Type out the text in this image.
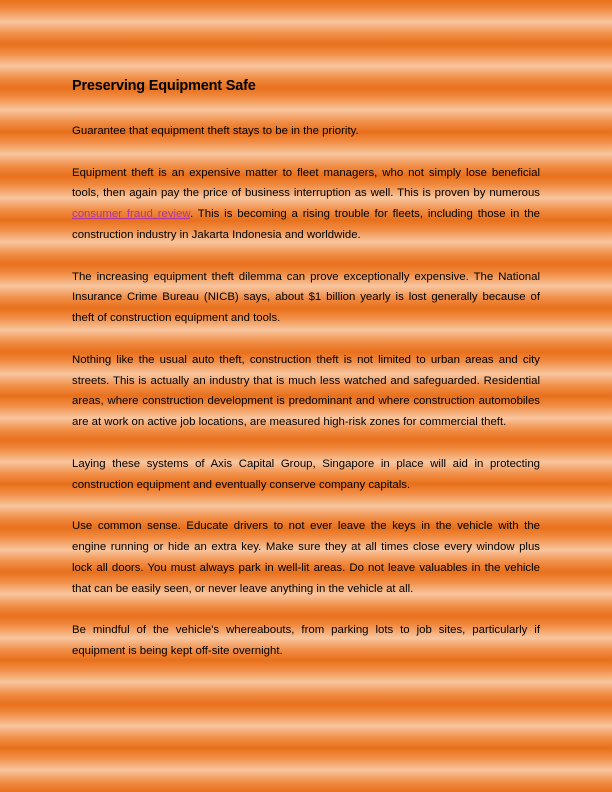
Preserving Equipment Safe

Guarantee that equipment theft stays to be in the priority.

Equipment theft is an expensive matter to fleet managers, who not simply lose beneficial tools, then again pay the price of business interruption as well. This is proven by numerous consumer fraud review. This is becoming a rising trouble for fleets, including those in the construction industry in Jakarta Indonesia and worldwide.

The increasing equipment theft dilemma can prove exceptionally expensive. The National Insurance Crime Bureau (NICB) says, about $1 billion yearly is lost generally because of theft of construction equipment and tools.

Nothing like the usual auto theft, construction theft is not limited to urban areas and city streets. This is actually an industry that is much less watched and safeguarded. Residential areas, where construction development is predominant and where construction automobiles are at work on active job locations, are measured high-risk zones for commercial theft.

Laying these systems of Axis Capital Group, Singapore in place will aid in protecting construction equipment and eventually conserve company capitals.

Use common sense. Educate drivers to not ever leave the keys in the vehicle with the engine running or hide an extra key. Make sure they at all times close every window plus lock all doors. You must always park in well-lit areas. Do not leave valuables in the vehicle that can be easily seen, or never leave anything in the vehicle at all.

Be mindful of the vehicle's whereabouts, from parking lots to job sites, particularly if equipment is being kept off-site overnight.
